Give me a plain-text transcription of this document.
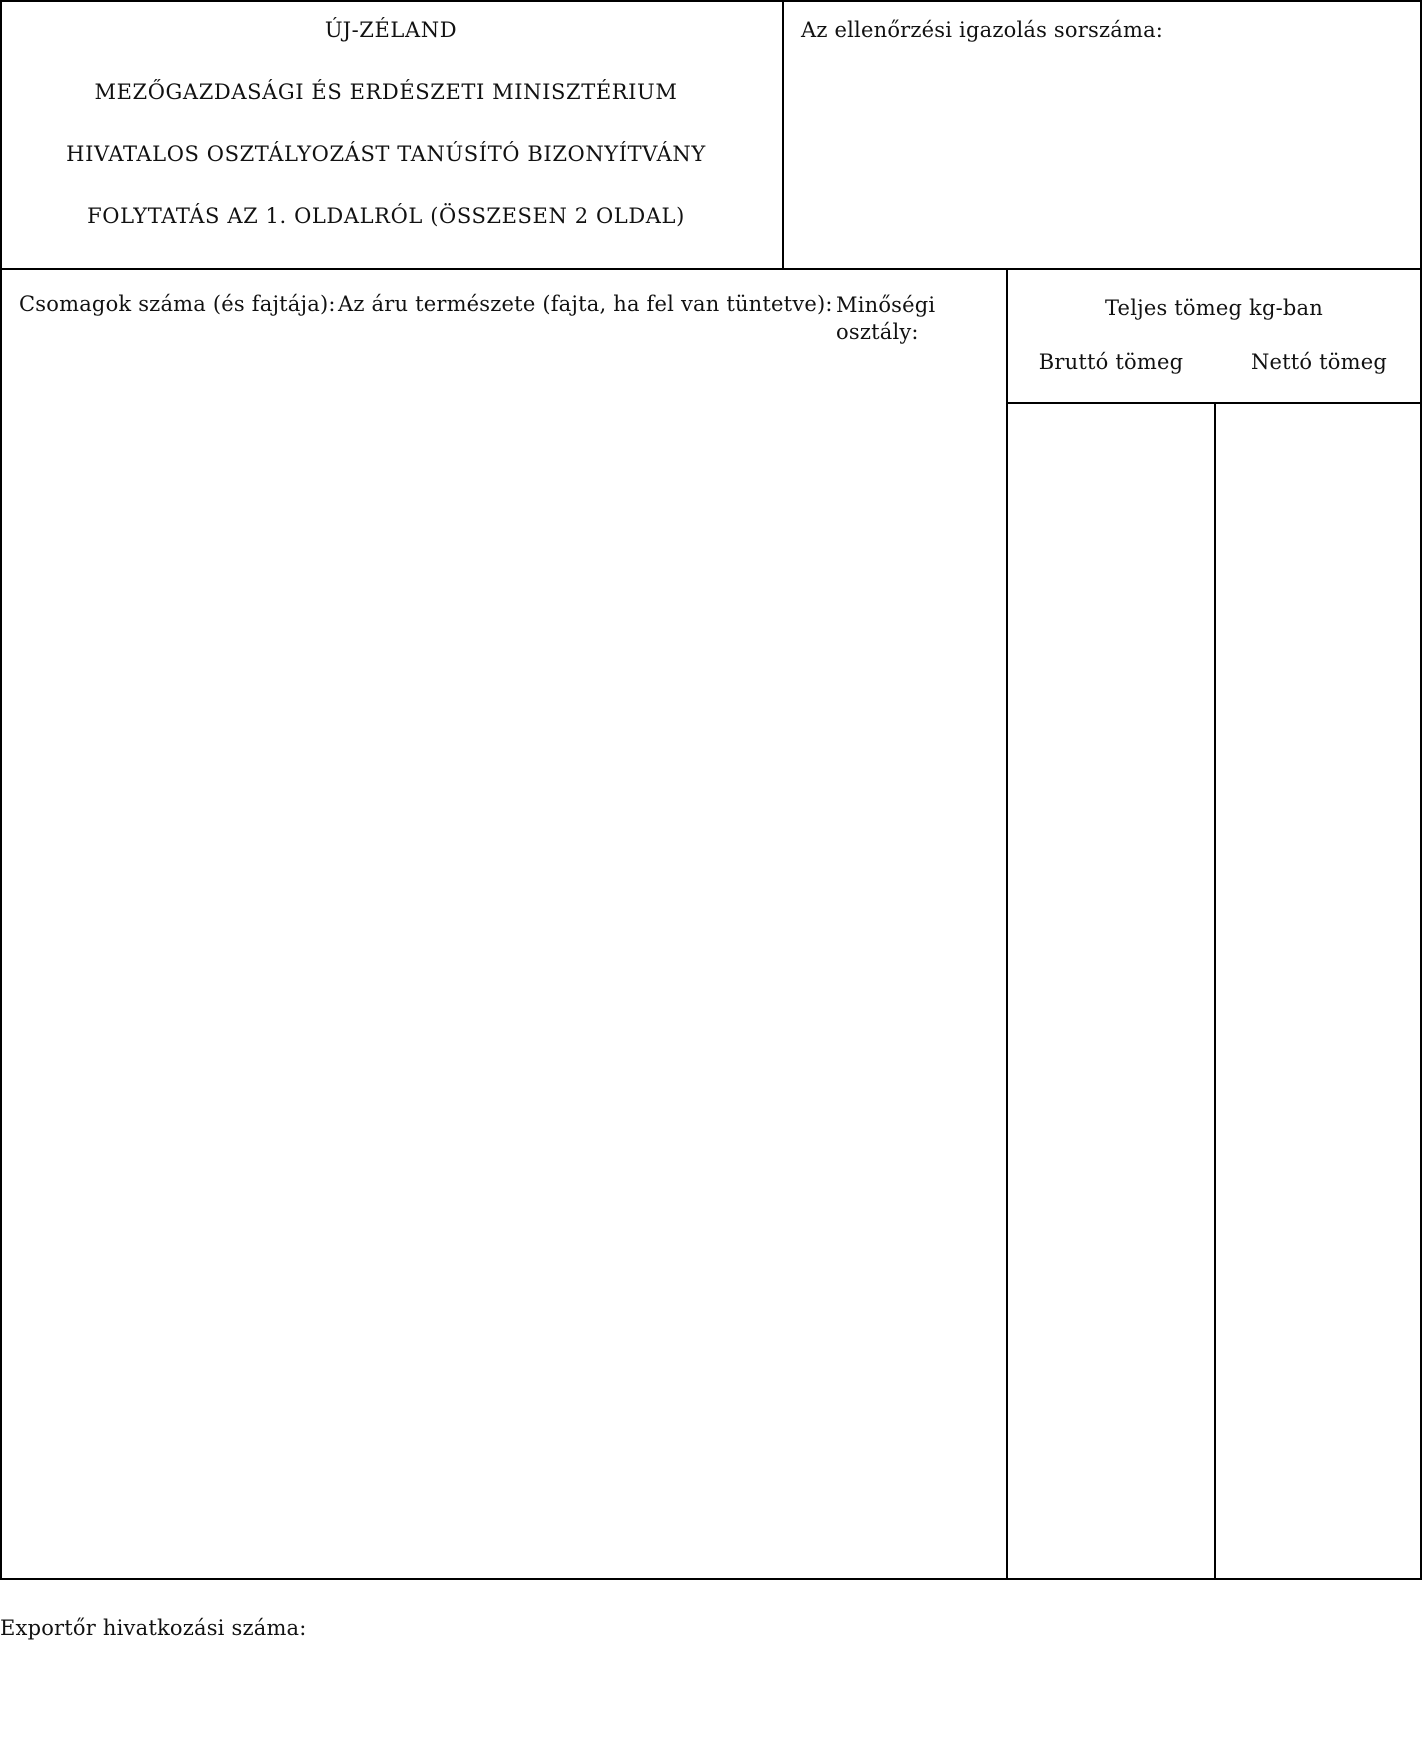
ÚJ-ZÉLAND
MEZŐGAZDASÁGI ÉS ERDÉSZETI MINISZTÉRIUM
HIVATALOS OSZTÁLYOZÁST TANÚSÍTÓ BIZONYÍTVÁNY
FOLYTATÁS AZ 1. OLDALRÓL (ÖSSZESEN 2 OLDAL)
Az ellenőrzési igazolás sorszáma:
Csomagok száma (és fajtája): Az áru természete (fajta, ha fel van tüntetve): Minőségi
osztály:
Teljes tömeg kg-ban
Bruttó tömeg	Nettó tömeg
Exportőr hivatkozási száma:
